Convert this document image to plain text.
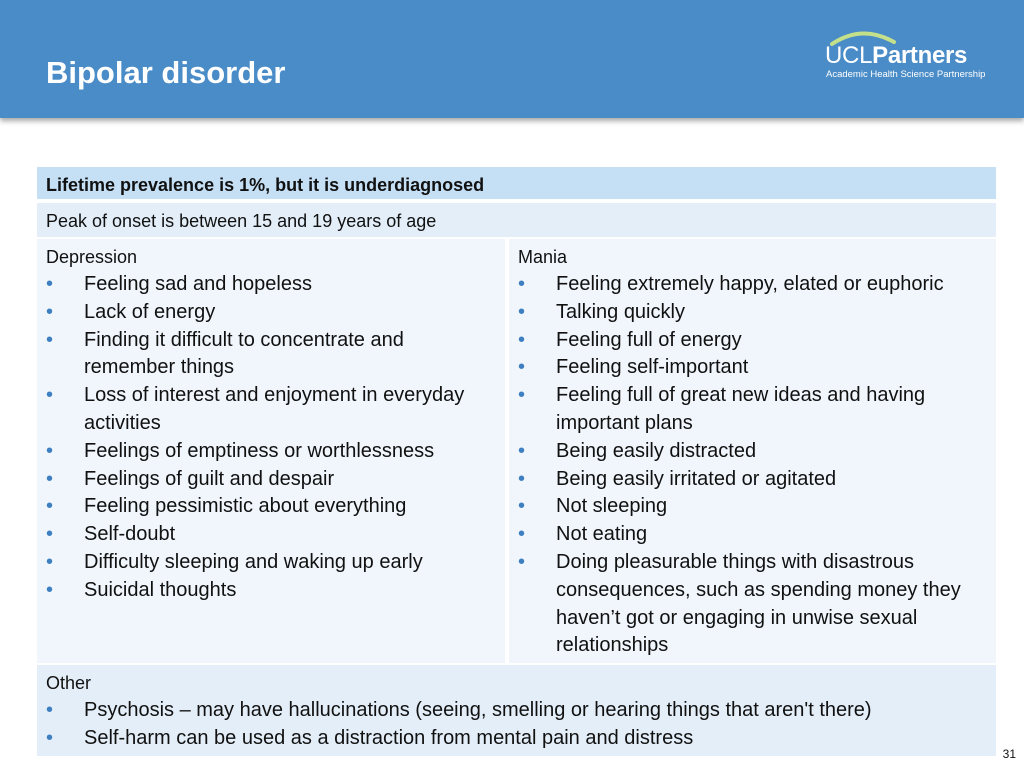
Bipolar disorder	UCLPartners
Academic Health Science Partnership
Lifetime prevalence is 1%, but it is underdiagnosed
Peak of onset is between 15 and 19 years of age
Depression
• Feeling sad and hopeless
• Lack of energy
• Finding it difficult to concentrate and remember things
• Loss of interest and enjoyment in everyday activities
• Feelings of emptiness or worthlessness
• Feelings of guilt and despair
• Feeling pessimistic about everything
• Self-doubt
• Difficulty sleeping and waking up early
• Suicidal thoughts
Mania
• Feeling extremely happy, elated or euphoric
• Talking quickly
• Feeling full of energy
• Feeling self-important
• Feeling full of great new ideas and having important plans
• Being easily distracted
• Being easily irritated or agitated
• Not sleeping
• Not eating
• Doing pleasurable things with disastrous consequences, such as spending money they haven’t got or engaging in unwise sexual relationships
Other
• Psychosis – may have hallucinations (seeing, smelling or hearing things that aren't there)
• Self-harm can be used as a distraction from mental pain and distress
31
